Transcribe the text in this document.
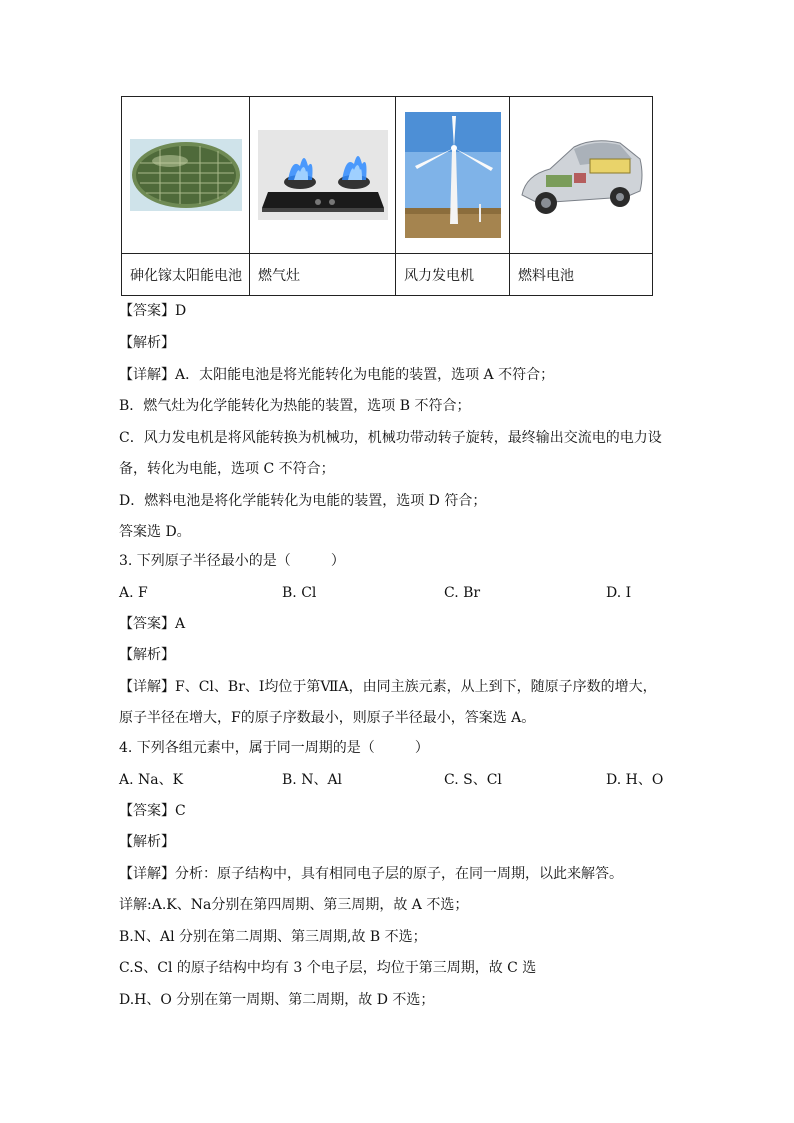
砷化镓太阳能电池	燃气灶	风力发电机	燃料电池
【答案】D
【解析】
【详解】A．太阳能电池是将光能转化为电能的装置，选项 A 不符合；
B．燃气灶为化学能转化为热能的装置，选项 B 不符合；
C．风力发电机是将风能转换为机械功，机械功带动转子旋转，最终输出交流电的电力设
备，转化为电能，选项 C 不符合；
D．燃料电池是将化学能转化为电能的装置，选项 D 符合；
答案选 D。
3. 下列原子半径最小的是（	）
A. F	B. Cl	C. Br	D. I
【答案】A
【解析】
【详解】F、Cl、Br、I均位于第ⅦA，由同主族元素，从上到下，随原子序数的增大，
原子半径在增大，F的原子序数最小，则原子半径最小，答案选 A。
4. 下列各组元素中，属于同一周期的是（	）
A. Na、K	B. N、Al	C. S、Cl	D. H、O
【答案】C
【解析】
【详解】分析：原子结构中，具有相同电子层的原子，在同一周期，以此来解答。
详解:A.K、Na分别在第四周期、第三周期，故 A 不选；
B.N、Al 分别在第二周期、第三周期,故 B 不选；
C.S、Cl 的原子结构中均有 3 个电子层，均位于第三周期，故 C 选
D.H、O 分别在第一周期、第二周期，故 D 不选；
